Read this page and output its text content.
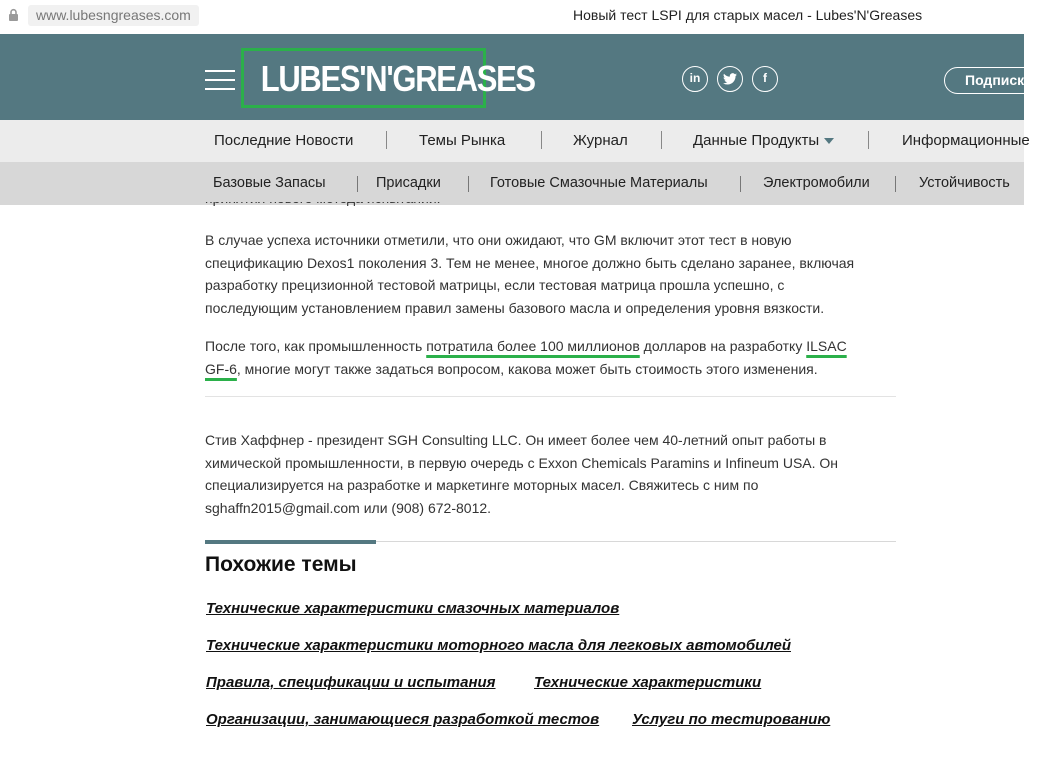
www.lubesngreases.com	Новый тест LSPI для старых масел - Lubes'N'Greases
LUBES'N'GREASES	in	f	Подписка
Последние Новости	Темы Рынка	Журнал	Данные Продукты	Информационные
Базовые Запасы	Присадки	Готовые Смазочные Материалы	Электромобили	Устойчивость

В случае успеха источники отметили, что они ожидают, что GM включит этот тест в новую

спецификацию Dexos1 поколения 3. Тем не менее, многое должно быть сделано заранее, включая

разработку прецизионной тестовой матрицы, если тестовая матрица прошла успешно, с

последующим установлением правил замены базового масла и определения уровня вязкости.

После того, как промышленность потратила более 100 миллионов долларов на разработку ILSAC

GF-6, многие могут также задаться вопросом, какова может быть стоимость этого изменения.

Стив Хаффнер - президент SGH Consulting LLC. Он имеет более чем 40-летний опыт работы в

химической промышленности, в первую очередь с Exxon Chemicals Paramins и Infineum USA. Он

специализируется на разработке и маркетинге моторных масел. Свяжитесь с ним по

sghaffn2015@gmail.com или (908) 672-8012.

Похожие темы
Технические характеристики смазочных материалов
Технические характеристики моторного масла для легковых автомобилей
Правила, спецификации и испытания	Технические характеристики
Организации, занимающиеся разработкой тестов Услуги по тестированию
